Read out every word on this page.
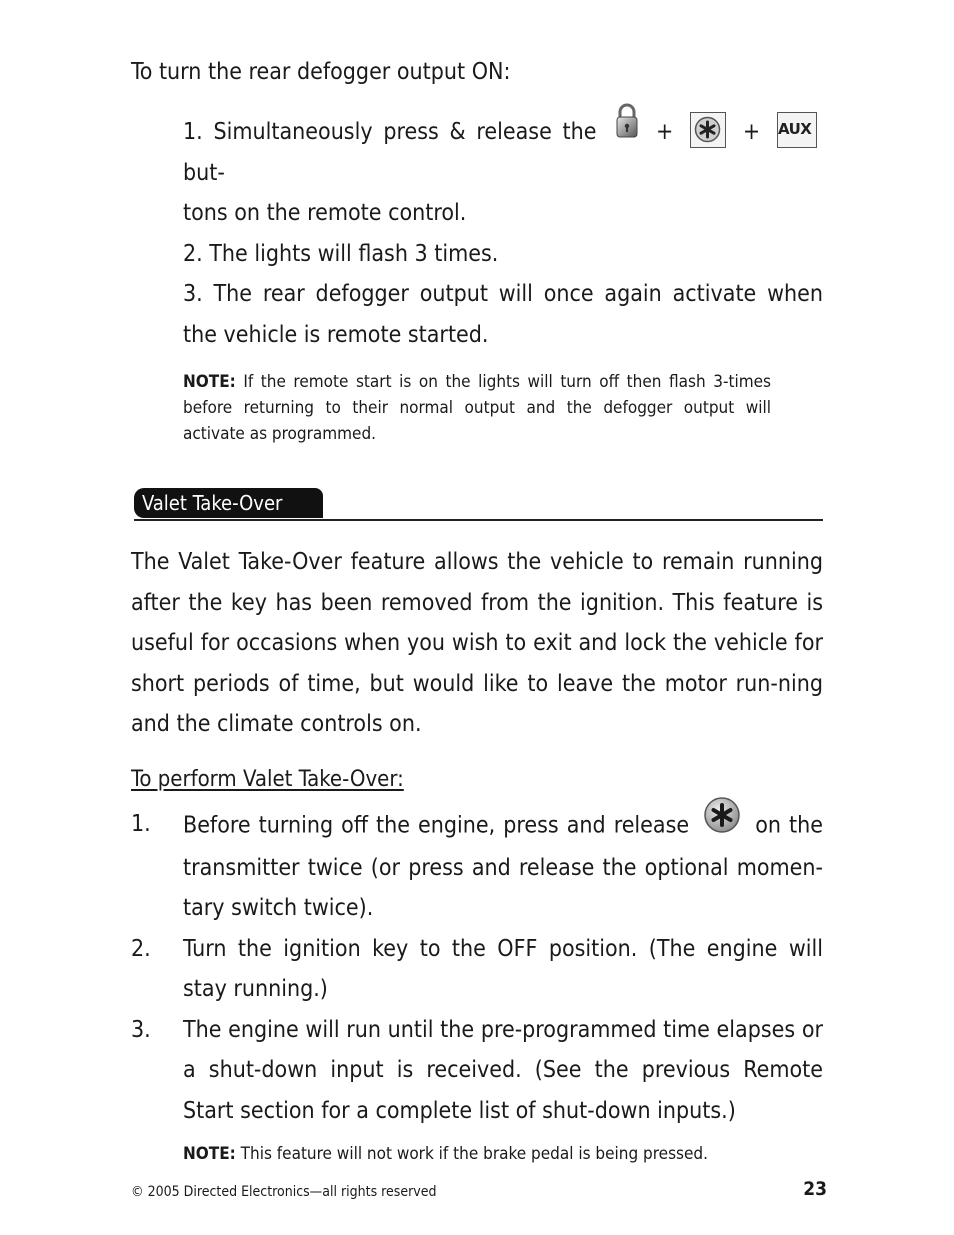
To turn the rear defogger output ON:
1. Simultaneously press & release the	+	+ AUX
but-
tons on the remote control.
2. The lights will flash 3 times.
3. The rear defogger output will once again activate when the vehicle is remote started.
NOTE: If the remote start is on the lights will turn off then flash 3-times before returning to their normal output and the defogger output will activate as programmed.
Valet Take-Over
The Valet Take-Over feature allows the vehicle to remain running after the key has been removed from the ignition. This feature is useful for occasions when you wish to exit and lock the vehicle for short periods of time, but would like to leave the motor run-ning and the climate controls on.
To perform Valet Take-Over:
1. Before turning off the engine, press and release	on the transmitter twice (or press and release the optional momen-tary switch twice).
2. Turn the ignition key to the OFF position. (The engine will stay running.)
3. The engine will run until the pre-programmed time elapses or a shut-down input is received. (See the previous Remote Start section for a complete list of shut-down inputs.)
NOTE: This feature will not work if the brake pedal is being pressed.
© 2005 Directed Electronics—all rights reserved	23
